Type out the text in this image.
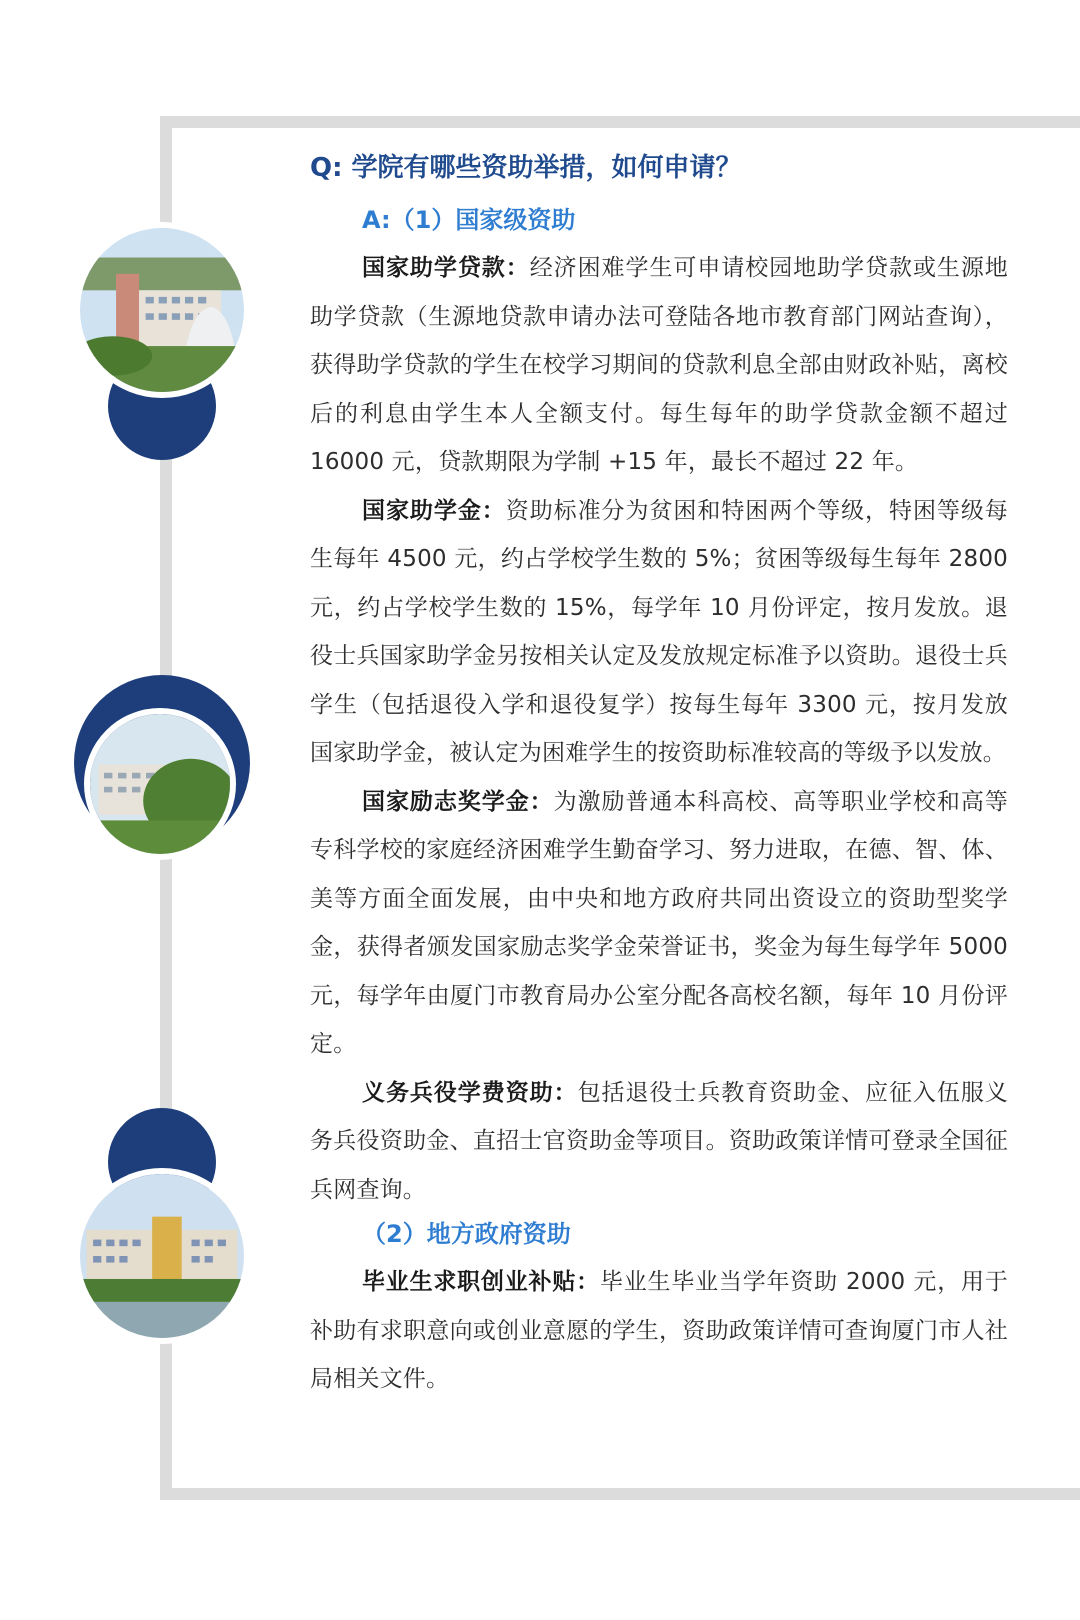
Q: 学院有哪些资助举措，如何申请？
A:（1）国家级资助

国家助学贷款：经济困难学生可申请校园地助学贷款或生源地助学贷款（生源地贷款申请办法可登陆各地市教育部门网站查询），获得助学贷款的学生在校学习期间的贷款利息全部由财政补贴，离校后的利息由学生本人全额支付。每生每年的助学贷款金额不超过 16000 元，贷款期限为学制 +15 年，最长不超过 22 年。

国家助学金：资助标准分为贫困和特困两个等级，特困等级每生每年 4500 元，约占学校学生数的 5%；贫困等级每生每年 2800 元，约占学校学生数的 15%，每学年 10 月份评定，按月发放。退役士兵国家助学金另按相关认定及发放规定标准予以资助。退役士兵学生（包括退役入学和退役复学）按每生每年 3300 元，按月发放国家助学金，被认定为困难学生的按资助标准较高的等级予以发放。

国家励志奖学金：为激励普通本科高校、高等职业学校和高等专科学校的家庭经济困难学生勤奋学习、努力进取，在德、智、体、美等方面全面发展，由中央和地方政府共同出资设立的资助型奖学金，获得者颁发国家励志奖学金荣誉证书，奖金为每生每学年 5000 元，每学年由厦门市教育局办公室分配各高校名额，每年 10 月份评定。

义务兵役学费资助：包括退役士兵教育资助金、应征入伍服义务兵役资助金、直招士官资助金等项目。资助政策详情可登录全国征兵网查询。

（2）地方政府资助

毕业生求职创业补贴：毕业生毕业当学年资助 2000 元，用于补助有求职意向或创业意愿的学生，资助政策详情可查询厦门市人社局相关文件。
